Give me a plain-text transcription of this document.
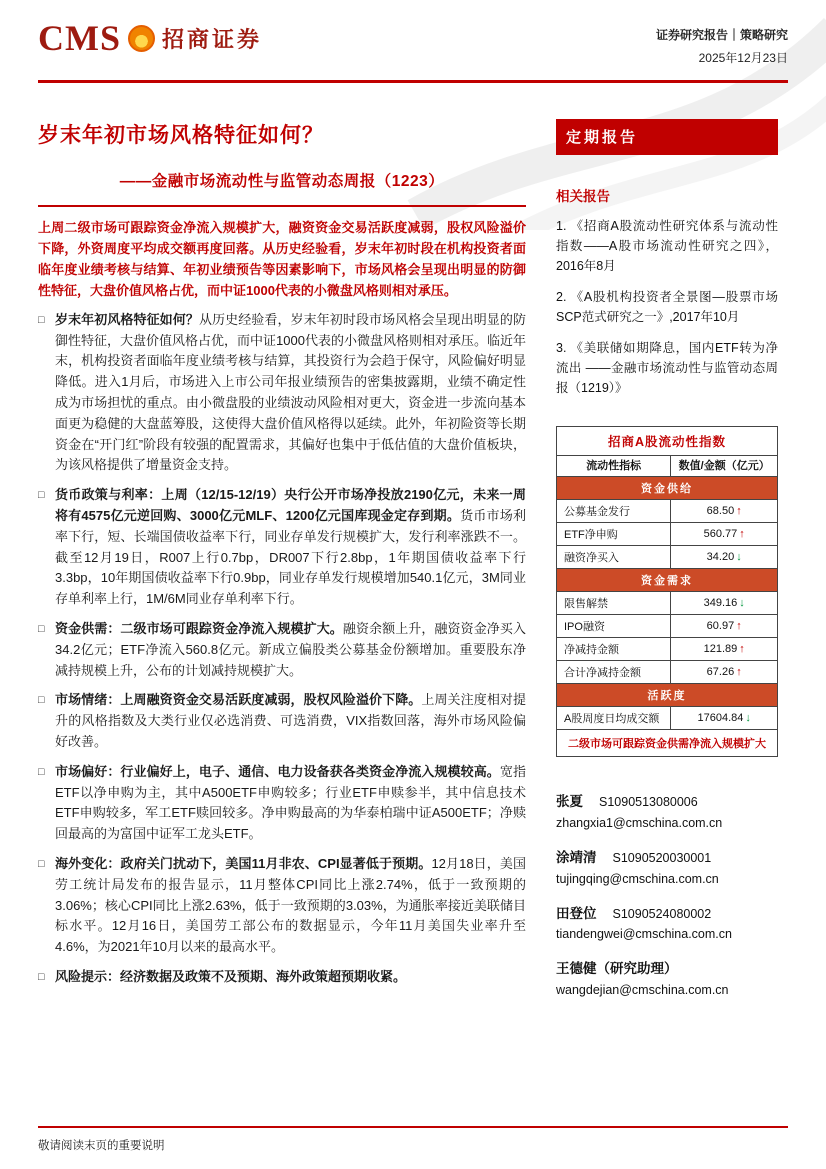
CMS 招商证券	证券研究报告｜策略研究
2025年12月23日
岁末年初市场风格特征如何？
——金融市场流动性与监管动态周报（1223）
上周二级市场可跟踪资金净流入规模扩大，融资资金交易活跃度减弱，股权风险溢价下降，外资周度平均成交额再度回落。从历史经验看，岁末年初时段在机构投资者面临年度业绩考核与结算、年初业绩预告等因素影响下，市场风格会呈现出明显的防御性特征，大盘价值风格占优，而中证1000代表的小微盘风格则相对承压。
□ 岁末年初风格特征如何？从历史经验看，岁末年初时段市场风格会呈现出明显的防御性特征，大盘价值风格占优，而中证1000代表的小微盘风格则相对承压。临近年末，机构投资者面临年度业绩考核与结算，其投资行为会趋于保守，风险偏好明显降低。进入1月后，市场进入上市公司年报业绩预告的密集披露期，业绩不确定性成为市场担忧的重点。由小微盘股的业绩波动风险相对更大，资金进一步流向基本面更为稳健的大盘蓝筹股，这使得大盘价值风格得以延续。此外，年初险资等长期资金在“开门红”阶段有较强的配置需求，其偏好也集中于低估值的大盘价值板块，为该风格提供了增量资金支持。
□ 货币政策与利率：上周（12/15-12/19）央行公开市场净投放2190亿元，未来一周将有4575亿元逆回购、3000亿元MLF、1200亿元国库现金定存到期。货币市场利率下行，短、长端国债收益率下行，同业存单发行规模扩大，发行利率涨跌不一。截至12月19日，R007上行0.7bp，DR007下行2.8bp，1年期国债收益率下行3.3bp，10年期国债收益率下行0.9bp，同业存单发行规模增加540.1亿元，3M同业存单利率上行，1M/6M同业存单利率下行。
□ 资金供需：二级市场可跟踪资金净流入规模扩大。融资余额上升，融资资金净买入34.2亿元；ETF净流入560.8亿元。新成立偏股类公募基金份额增加。重要股东净减持规模上升，公布的计划减持规模扩大。
□ 市场情绪：上周融资资金交易活跃度减弱，股权风险溢价下降。上周关注度相对提升的风格指数及大类行业仅必选消费、可选消费，VIX指数回落，海外市场风险偏好改善。
□ 市场偏好：行业偏好上，电子、通信、电力设备获各类资金净流入规模较高。宽指ETF以净申购为主，其中A500ETF申购较多；行业ETF申赎参半，其中信息技术ETF申购较多，军工ETF赎回较多。净申购最高的为华泰柏瑞中证A500ETF；净赎回最高的为富国中证军工龙头ETF。
□ 海外变化：政府关门扰动下，美国11月非农、CPI显著低于预期。12月18日，美国劳工统计局发布的报告显示，11月整体CPI同比上涨2.74%，低于一致预期的3.06%；核心CPI同比上涨2.63%，低于一致预期的3.03%，为通胀率接近美联储目标水平。12月16日，美国劳工部公布的数据显示，今年11月美国失业率升至4.6%，为2021年10月以来的最高水平。
□ 风险提示：经济数据及政策不及预期、海外政策超预期收紧。
定期报告
相关报告
1. 《招商A股流动性研究体系与流动性指数——A股市场流动性研究之四》，2016年8月
2. 《A股机构投资者全景图—股票市场SCP范式研究之一》,2017年10月
3. 《美联储如期降息，国内ETF转为净流出 ——金融市场流动性与监管动态周报（1219）》
招商A股流动性指数	
流动性指标	数值/金额（亿元）
资金供给	
公募基金发行	68.50 ↑
ETF净申购	560.77 ↑
融资净买入	34.20 ↓
资金需求	
限售解禁	349.16 ↓
IPO融资	60.97 ↑
净减持金额	121.89 ↑
合计净减持金额	67.26 ↑
活跃度	
A股周度日均成交额	17604.84 ↓
二级市场可跟踪资金供需净流入规模扩大	
张夏 S1090513080006
zhangxia1@cmschina.com.cn
涂靖清 S1090520030001
tujingqing@cmschina.com.cn
田登位 S1090524080002
tiandengwei@cmschina.com.cn
王德健（研究助理）
wangdejian@cmschina.com.cn
敬请阅读末页的重要说明
